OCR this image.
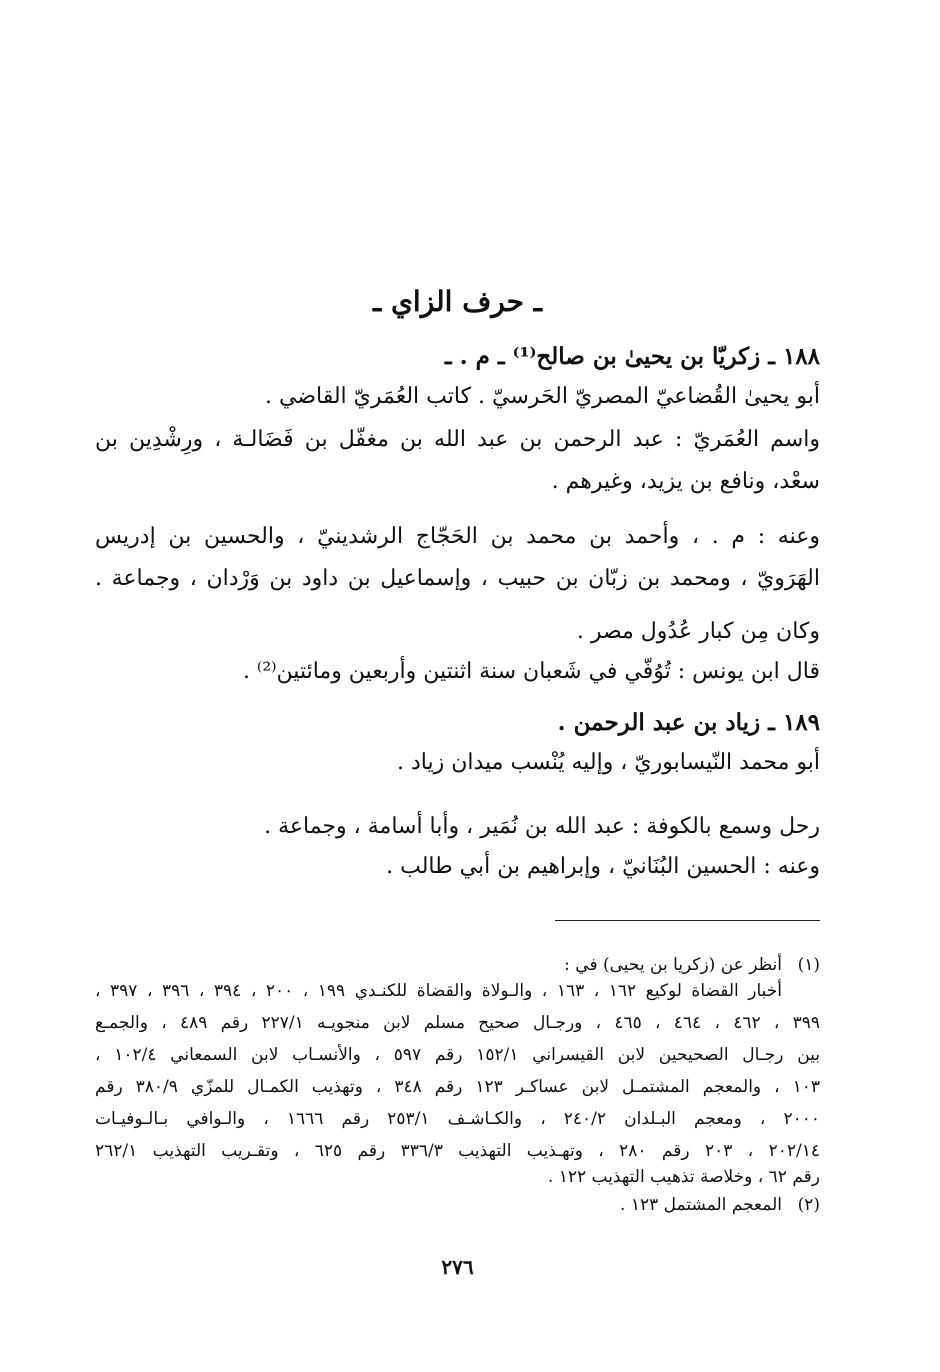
ـ حرف الزاي ـ

١٨٨ ـ زكريّا بن يحيىٰ بن صالح⁽¹⁾ ـ م . ـ

أبو يحيىٰ القُضاعيّ المصريّ الحَرسيّ . كاتب العُمَريّ القاضي .

واسم العُمَريّ : عبد الرحمن بن عبد الله بن مغفّل بن فَضَالـة ، ورِشْدِين بن

سعْد، ونافع بن يزيد، وغيرهم .

وعنه : م . ، وأحمد بن محمد بن الحَجّاج الرشدينيّ ، والحسين بن إدريس

الهَرَويّ ، ومحمد بن زبّان بن حبيب ، وإسماعيل بن داود بن وَرْدان ، وجماعة .

وكان مِن كبار عُدُول مصر .

قال ابن يونس : تُوُفّي في شَعبان سنة اثنتين وأربعين ومائتين⁽²⁾ .

١٨٩ ـ زياد بن عبد الرحمن .

أبو محمد النّيسابوريّ ، وإليه يُنْسب ميدان زياد .

رحل وسمع بالكوفة : عبد الله بن نُمَير ، وأبا أسامة ، وجماعة .

وعنه : الحسين البُنَانيّ ، وإبراهيم بن أبي طالب .

(١)أنظر عن (زكريا بن يحيى) في :

أخبار القضاة لوكيع ١٦٢ ، ١٦٣ ، والـولاة والقضاة للكنـدي ١٩٩ ، ٢٠٠ ، ٣٩٤ ، ٣٩٦ ، ٣٩٧ ،

٣٩٩ ، ٤٦٢ ، ٤٦٤ ، ٤٦٥ ، ورجـال صحيح مسلم لابن منجويـه ٢٢٧/١ رقم ٤٨٩ ، والجمـع

بين رجـال الصحيحين لابن القيسراني ١٥٢/١ رقم ٥٩٧ ، والأنسـاب لابن السمعاني ١٠٢/٤ ،

١٠٣ ، والمعجم المشتمـل لابن عساكـر ١٢٣ رقم ٣٤٨ ، وتهذيب الكمـال للمزّي ٣٨٠/٩ رقم

٢٠٠٠ ، ومعجم البـلدان ٢٤٠/٢ ، والكـاشـف ٢٥٣/١ رقم ١٦٦٦ ، والـوافي بـالـوفيـات

٢٠٢/١٤ ، ٢٠٣ رقم ٢٨٠ ، وتهـذيب التهذيب ٣٣٦/٣ رقم ٦٢٥ ، وتقـريب التهذيب ٢٦٢/١

رقم ٦٢ ، وخلاصة تذهيب التهذيب ١٢٢ .

(٢)المعجم المشتمل ١٢٣ .

٢٧٦
